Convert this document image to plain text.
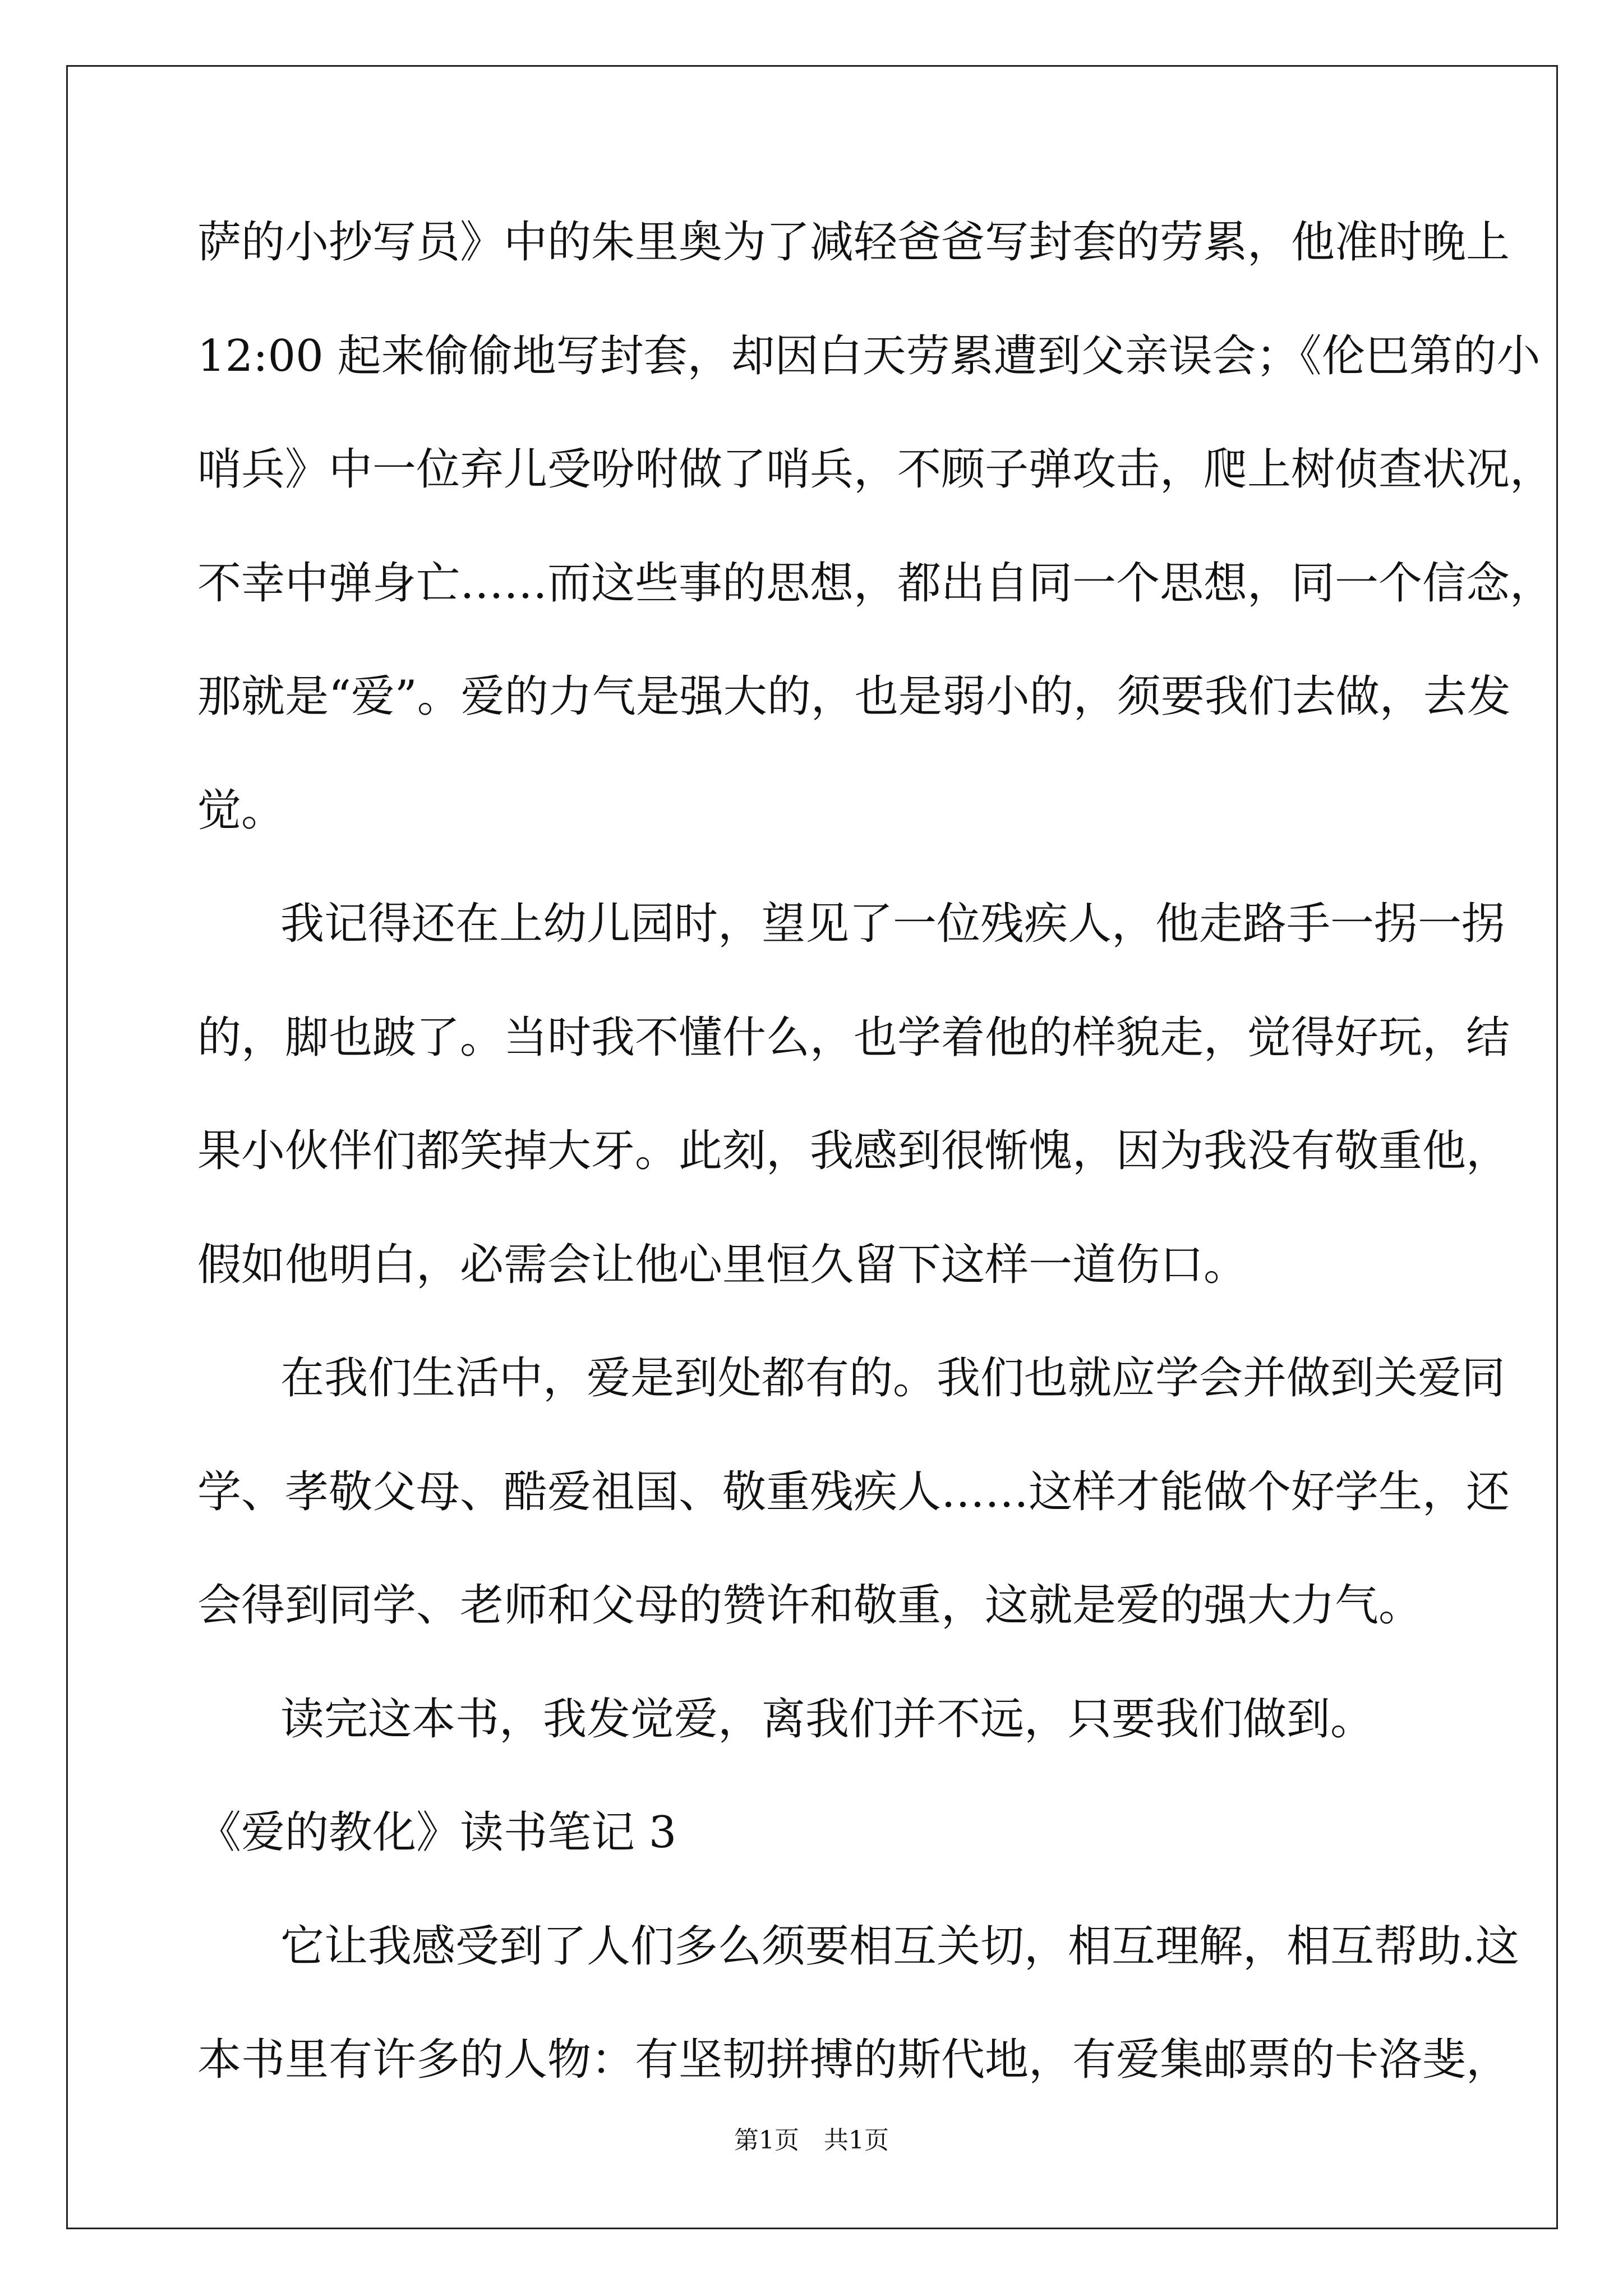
萨的小抄写员》中的朱里奥为了减轻爸爸写封套的劳累，他准时晚上
12:00 起来偷偷地写封套，却因白天劳累遭到父亲误会；《伦巴第的小
哨兵》中一位弃儿受吩咐做了哨兵，不顾子弹攻击，爬上树侦查状况，
不幸中弹身亡……而这些事的思想，都出自同一个思想，同一个信念，
那就是“爱”。爱的力气是强大的，也是弱小的，须要我们去做，去发
觉。
我记得还在上幼儿园时，望见了一位残疾人，他走路手一拐一拐
的，脚也跛了。当时我不懂什么，也学着他的样貌走，觉得好玩，结
果小伙伴们都笑掉大牙。此刻，我感到很惭愧，因为我没有敬重他，
假如他明白，必需会让他心里恒久留下这样一道伤口。
在我们生活中，爱是到处都有的。我们也就应学会并做到关爱同
学、孝敬父母、酷爱祖国、敬重残疾人……这样才能做个好学生，还
会得到同学、老师和父母的赞许和敬重，这就是爱的强大力气。
读完这本书，我发觉爱，离我们并不远，只要我们做到。
《爱的教化》读书笔记 3
它让我感受到了人们多么须要相互关切，相互理解，相互帮助.这
本书里有许多的人物：有坚韧拼搏的斯代地，有爱集邮票的卡洛斐，
第1页 共1页
